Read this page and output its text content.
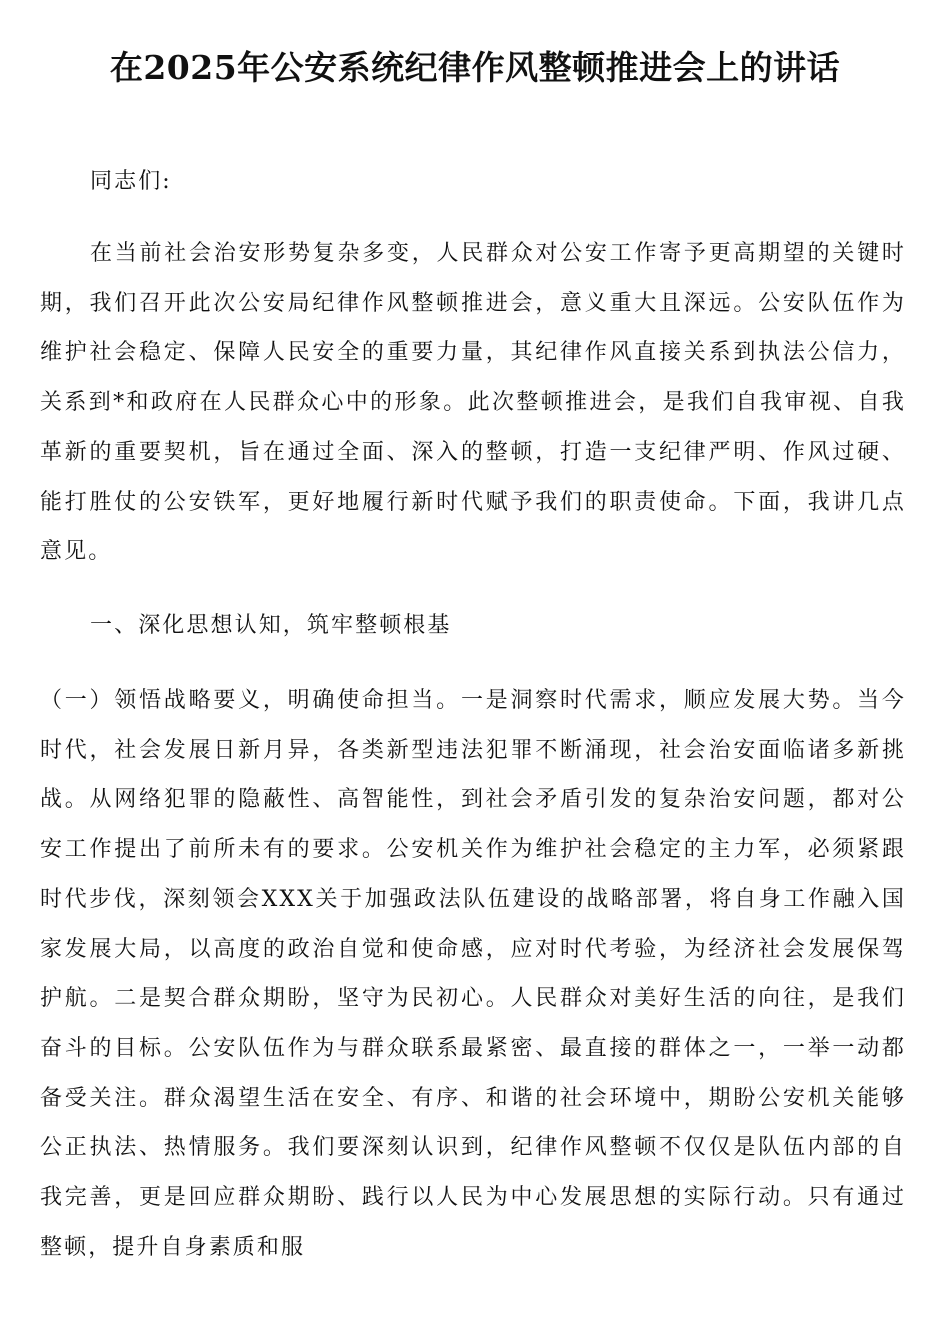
在2025年公安系统纪律作风整顿推进会上的讲话

同志们:

在当前社会治安形势复杂多变，人民群众对公安工作寄予更高期望的关键时期，我们召开此次公安局纪律作风整顿推进会，意义重大且深远。公安队伍作为维护社会稳定、保障人民安全的重要力量，其纪律作风直接关系到执法公信力，关系到*和政府在人民群众心中的形象。此次整顿推进会，是我们自我审视、自我革新的重要契机，旨在通过全面、深入的整顿，打造一支纪律严明、作风过硬、能打胜仗的公安铁军，更好地履行新时代赋予我们的职责使命。下面，我讲几点意见。

一、深化思想认知，筑牢整顿根基

（一）领悟战略要义，明确使命担当。一是洞察时代需求，顺应发展大势。当今时代，社会发展日新月异，各类新型违法犯罪不断涌现，社会治安面临诸多新挑战。从网络犯罪的隐蔽性、高智能性，到社会矛盾引发的复杂治安问题，都对公安工作提出了前所未有的要求。公安机关作为维护社会稳定的主力军，必须紧跟时代步伐，深刻领会XXX关于加强政法队伍建设的战略部署，将自身工作融入国家发展大局，以高度的政治自觉和使命感，应对时代考验，为经济社会发展保驾护航。二是契合群众期盼，坚守为民初心。人民群众对美好生活的向往，是我们奋斗的目标。公安队伍作为与群众联系最紧密、最直接的群体之一，一举一动都备受关注。群众渴望生活在安全、有序、和谐的社会环境中，期盼公安机关能够公正执法、热情服务。我们要深刻认识到，纪律作风整顿不仅仅是队伍内部的自我完善，更是回应群众期盼、践行以人民为中心发展思想的实际行动。只有通过整顿，提升自身素质和服
